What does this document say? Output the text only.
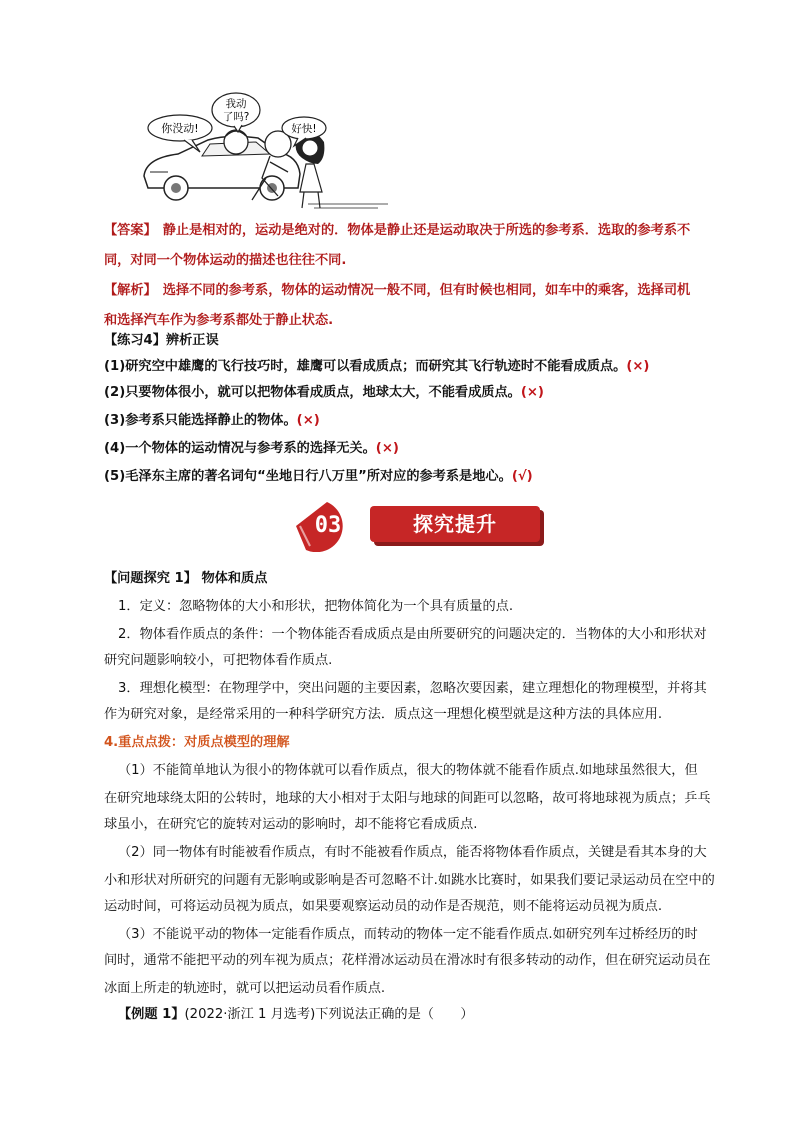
你没动!
我动
了吗?
好快!
【答案】 静止是相对的，运动是绝对的．物体是静止还是运动取决于所选的参考系．选取的参考系不
同，对同一个物体运动的描述也往往不同.
【解析】 选择不同的参考系，物体的运动情况一般不同，但有时候也相同，如车中的乘客，选择司机
和选择汽车作为参考系都处于静止状态.
【练习4】辨析正误
(1)研究空中雄鹰的飞行技巧时，雄鹰可以看成质点；而研究其飞行轨迹时不能看成质点。(×)
(2)只要物体很小，就可以把物体看成质点，地球太大，不能看成质点。(×)
(3)参考系只能选择静止的物体。(×)
(4)一个物体的运动情况与参考系的选择无关。(×)
(5)毛泽东主席的著名词句“坐地日行八万里”所对应的参考系是地心。(√)
03	探究提升
【问题探究 1】 物体和质点
1．定义：忽略物体的大小和形状，把物体简化为一个具有质量的点.
2．物体看作质点的条件：一个物体能否看成质点是由所要研究的问题决定的．当物体的大小和形状对
研究问题影响较小，可把物体看作质点.
3．理想化模型：在物理学中，突出问题的主要因素，忽略次要因素，建立理想化的物理模型，并将其
作为研究对象，是经常采用的一种科学研究方法．质点这一理想化模型就是这种方法的具体应用.
4.重点点拨：对质点模型的理解
（1）不能简单地认为很小的物体就可以看作质点，很大的物体就不能看作质点.如地球虽然很大，但
在研究地球绕太阳的公转时，地球的大小相对于太阳与地球的间距可以忽略，故可将地球视为质点；乒乓
球虽小，在研究它的旋转对运动的影响时，却不能将它看成质点.
（2）同一物体有时能被看作质点，有时不能被看作质点，能否将物体看作质点，关键是看其本身的大
小和形状对所研究的问题有无影响或影响是否可忽略不计.如跳水比赛时，如果我们要记录运动员在空中的
运动时间，可将运动员视为质点，如果要观察运动员的动作是否规范，则不能将运动员视为质点.
（3）不能说平动的物体一定能看作质点，而转动的物体一定不能看作质点.如研究列车过桥经历的时
间时，通常不能把平动的列车视为质点；花样滑冰运动员在滑冰时有很多转动的动作，但在研究运动员在
冰面上所走的轨迹时，就可以把运动员看作质点.
【例题 1】(2022·浙江 1 月选考)下列说法正确的是（　　）
